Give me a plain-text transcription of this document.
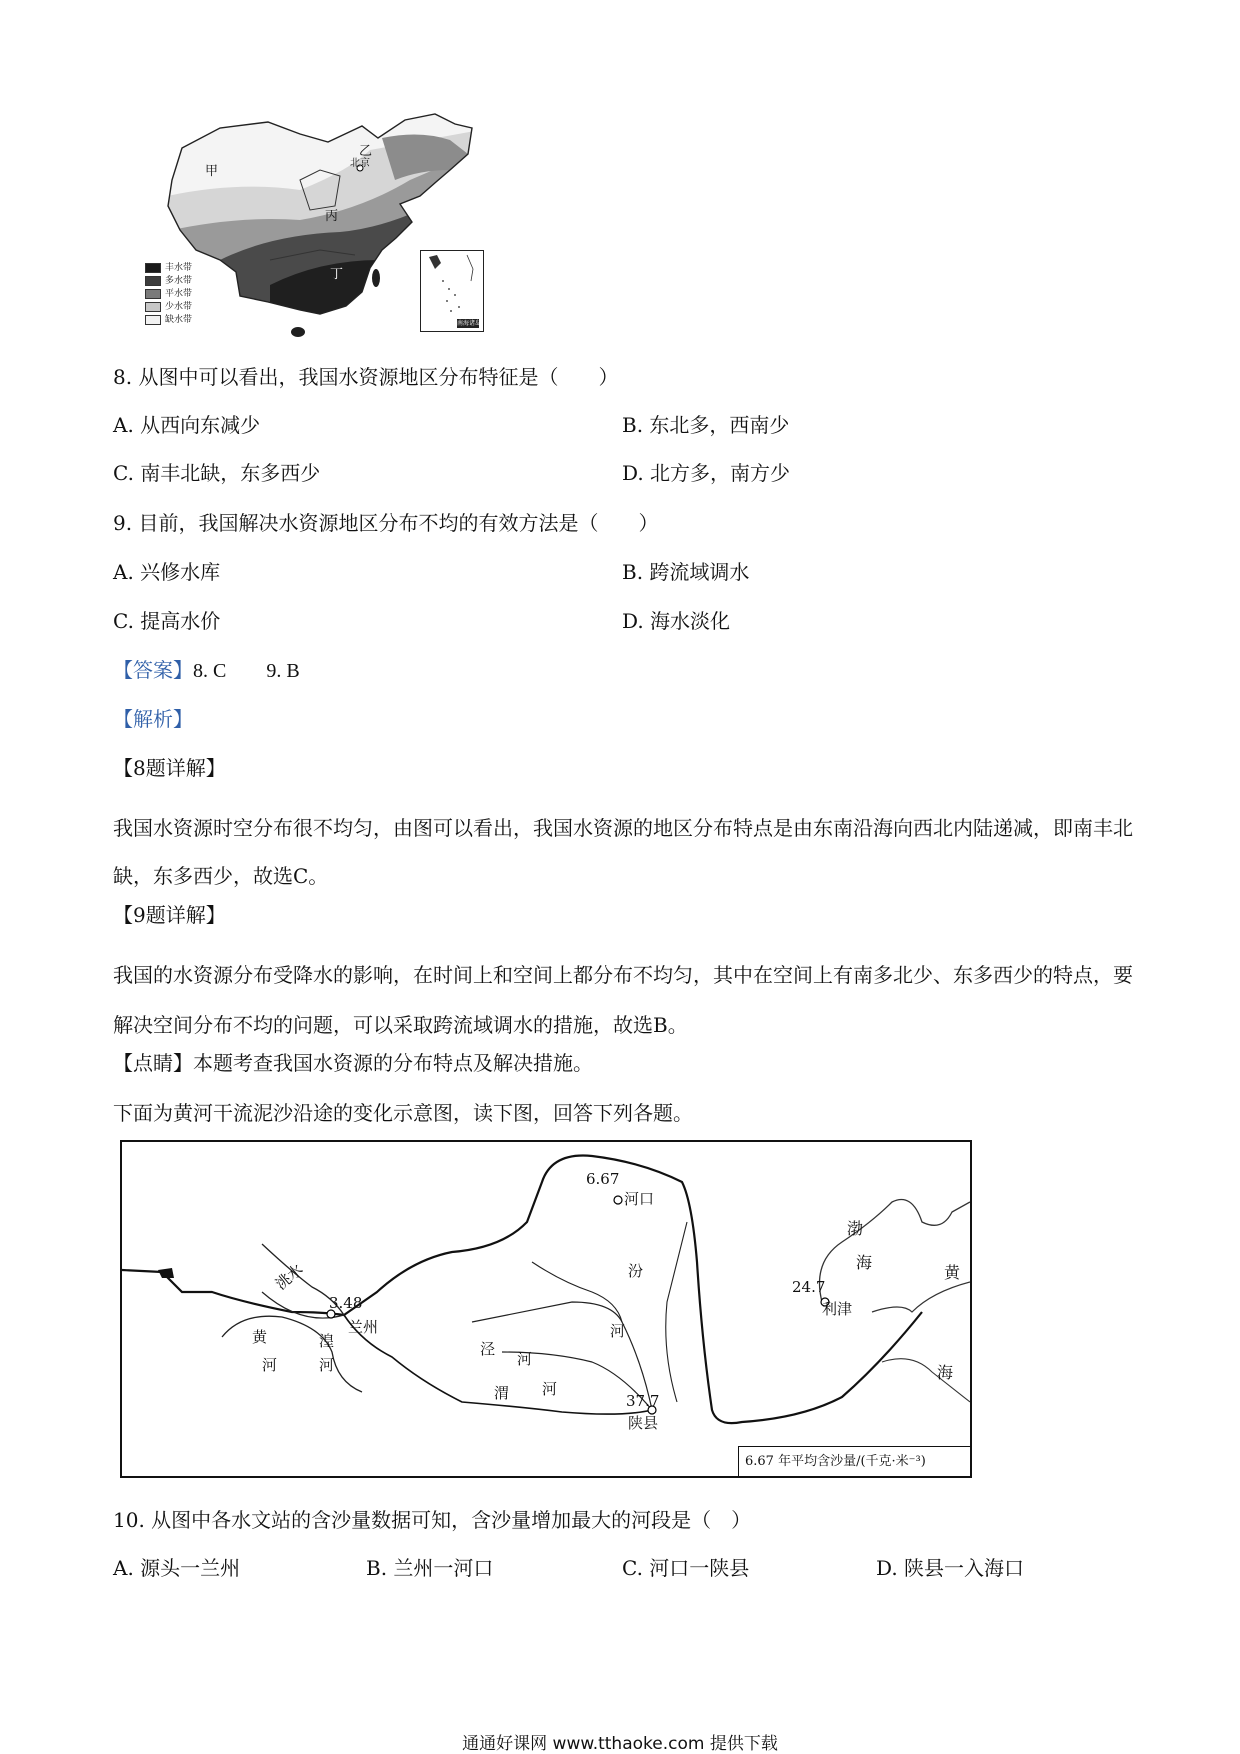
甲
乙
丙
丁
北京
丰水带
多水带
平水带
少水带
缺水带	南海诸岛
8. 从图中可以看出，我国水资源地区分布特征是（　　）
A. 从西向东减少	B. 东北多，西南少
C. 南丰北缺，东多西少	D. 北方多，南方少
9. 目前，我国解决水资源地区分布不均的有效方法是（　　）
A. 兴修水库	B. 跨流域调水
C. 提高水价	D. 海水淡化
【答案】8. C　　9. B
【解析】
【8题详解】
我国水资源时空分布很不均匀，由图可以看出，我国水资源的地区分布特点是由东南沿海向西北内陆递减，即南丰北缺，东多西少，故选C。
【9题详解】
我国的水资源分布受降水的影响，在时间上和空间上都分布不均匀，其中在空间上有南多北少、东多西少的特点，要解决空间分布不均的问题，可以采取跨流域调水的措施，故选B。
【点睛】本题考查我国水资源的分布特点及解决措施。
下面为黄河干流泥沙沿途的变化示意图，读下图，回答下列各题。
3.48
兰州
6.67
河口
37.7
陕县
24.7
利津
洮水
黄
河
湟
河
汾
河
泾
河
渭 河
渤
海
黄
海
6.67 年平均含沙量/(千克·米⁻³)
10. 从图中各水文站的含沙量数据可知，含沙量增加最大的河段是（　）
A. 源头一兰州	B. 兰州一河口	C. 河口一陕县	D. 陕县一入海口
通通好课网 www.tthaoke.com 提供下载
